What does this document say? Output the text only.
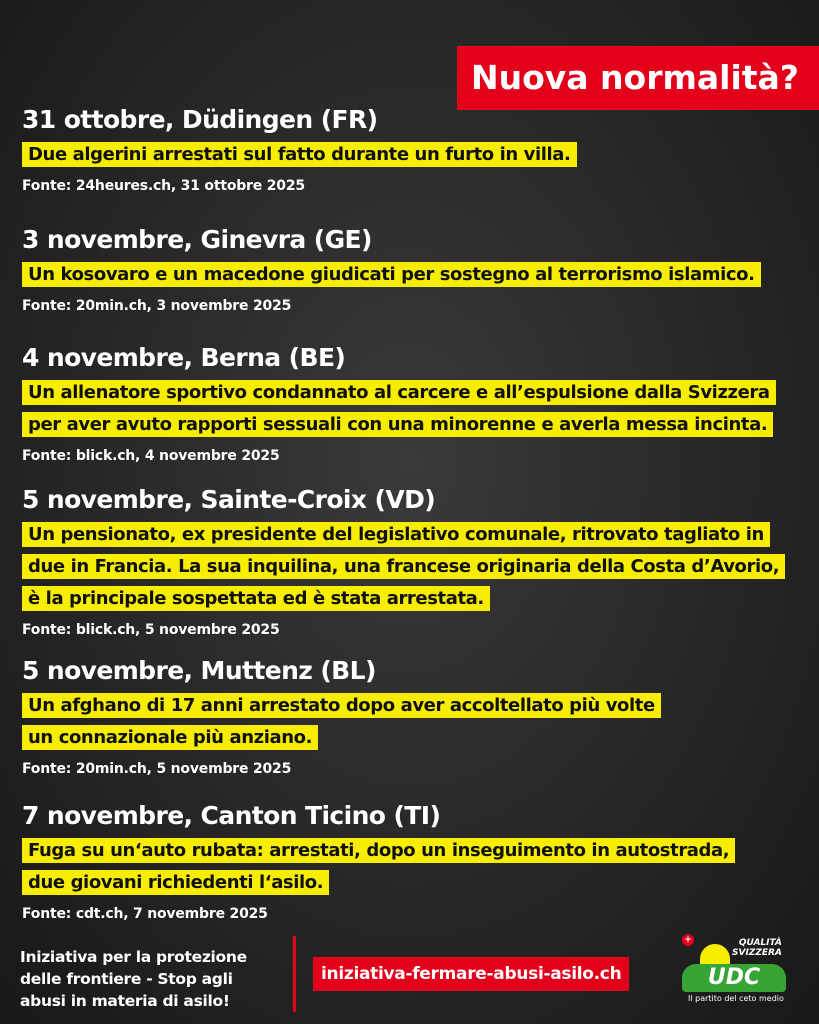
Nuova normalità?
31 ottobre, Düdingen (FR)
Due algerini arrestati sul fatto durante un furto in villa.
Fonte: 24heures.ch, 31 ottobre 2025
3 novembre, Ginevra (GE)
Un kosovaro e un macedone giudicati per sostegno al terrorismo islamico.
Fonte: 20min.ch, 3 novembre 2025
4 novembre, Berna (BE)
Un allenatore sportivo condannato al carcere e all’espulsione dalla Svizzera
per aver avuto rapporti sessuali con una minorenne e averla messa incinta.
Fonte: blick.ch, 4 novembre 2025
5 novembre, Sainte-Croix (VD)
Un pensionato, ex presidente del legislativo comunale, ritrovato tagliato in
due in Francia. La sua inquilina, una francese originaria della Costa d’Avorio,
è la principale sospettata ed è stata arrestata.
Fonte: blick.ch, 5 novembre 2025
5 novembre, Muttenz (BL)
Un afghano di 17 anni arrestato dopo aver accoltellato più volte
un connazionale più anziano.
Fonte: 20min.ch, 5 novembre 2025
7 novembre, Canton Ticino (TI)
Fuga su un‘auto rubata: arrestati, dopo un inseguimento in autostrada,
due giovani richiedenti l‘asilo.
Fonte: cdt.ch, 7 novembre 2025
Iniziativa per la protezione
delle frontiere - Stop agli
abusi in materia di asilo!
iniziativa-fermare-abusi-asilo.ch
+	QUALITÀ
SVIZZERA
UDC
Il partito del ceto medio
